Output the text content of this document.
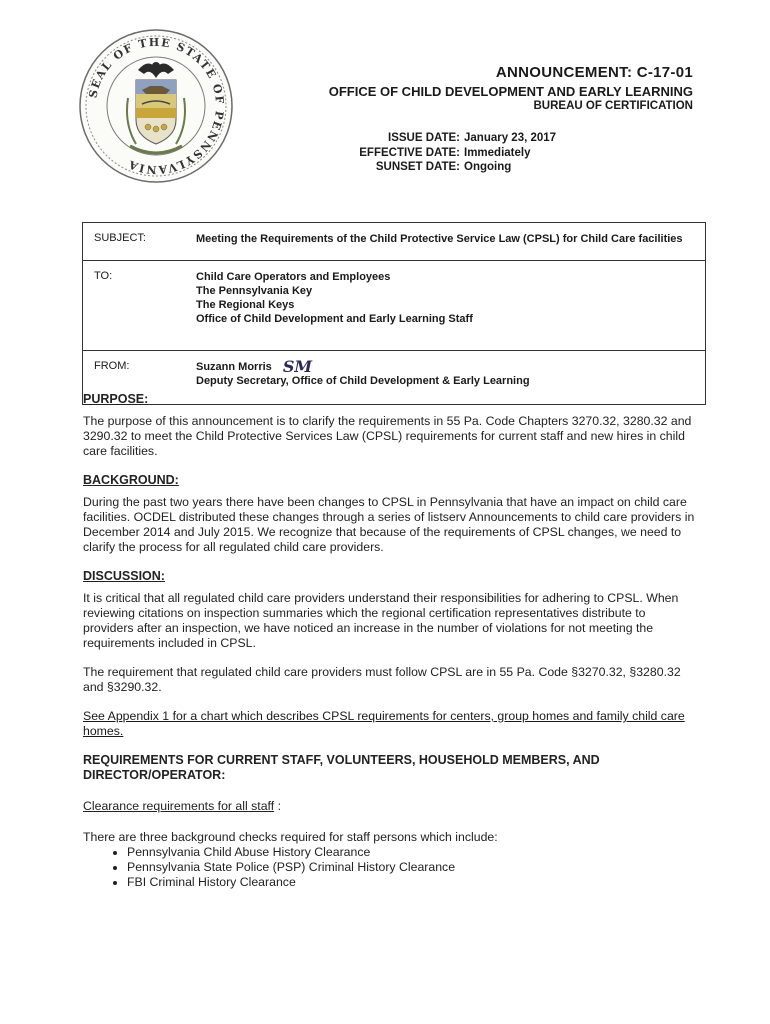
SEAL OF THE STATE OF PENNSYLVANIA
ANNOUNCEMENT: C-17-01
OFFICE OF CHILD DEVELOPMENT AND EARLY LEARNING
BUREAU OF CERTIFICATION
ISSUE DATE: January 23, 2017
EFFECTIVE DATE: Immediately
SUNSET DATE: Ongoing
SUBJECT:	Meeting the Requirements of the Child Protective Service Law (CPSL) for Child Care facilities
TO:	Child Care Operators and Employees
The Pennsylvania Key
The Regional Keys
Office of Child Development and Early Learning Staff

FROM:	Suzann Morris SM
Deputy Secretary, Office of Child Development & Early Learning
PURPOSE:
The purpose of this announcement is to clarify the requirements in 55 Pa. Code Chapters 3270.32, 3280.32 and 3290.32 to meet the Child Protective Services Law (CPSL) requirements for current staff and new hires in child care facilities.
BACKGROUND:
During the past two years there have been changes to CPSL in Pennsylvania that have an impact on child care facilities. OCDEL distributed these changes through a series of listserv Announcements to child care providers in December 2014 and July 2015. We recognize that because of the requirements of CPSL changes, we need to clarify the process for all regulated child care providers.
DISCUSSION:
It is critical that all regulated child care providers understand their responsibilities for adhering to CPSL. When reviewing citations on inspection summaries which the regional certification representatives distribute to providers after an inspection, we have noticed an increase in the number of violations for not meeting the requirements included in CPSL.
The requirement that regulated child care providers must follow CPSL are in 55 Pa. Code §3270.32, §3280.32 and §3290.32.
See Appendix 1 for a chart which describes CPSL requirements for centers, group homes and family child care homes.
REQUIREMENTS FOR CURRENT STAFF, VOLUNTEERS, HOUSEHOLD MEMBERS, AND DIRECTOR/OPERATOR:
Clearance requirements for all staff :
There are three background checks required for staff persons which include:
• Pennsylvania Child Abuse History Clearance
• Pennsylvania State Police (PSP) Criminal History Clearance
• FBI Criminal History Clearance
